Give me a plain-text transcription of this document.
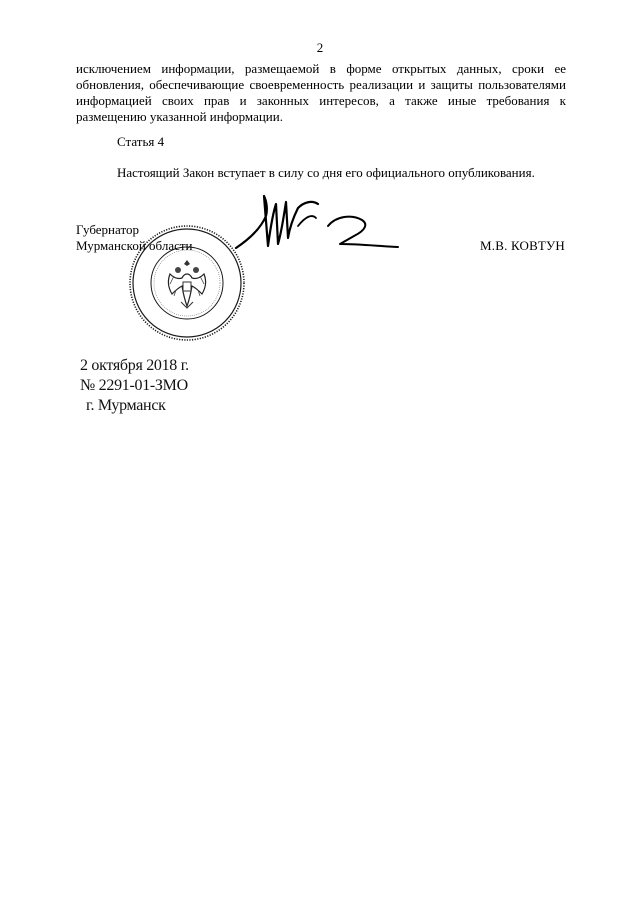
2

исключением информации, размещаемой в форме открытых данных, сроки ее обновления, обеспечивающие своевременность реализации и защиты пользователями информацией своих прав и законных интересов, а также иные требования к размещению указанной информации.

Статья 4
Настоящий Закон вступает в силу со дня его официального опубликования.
Губернатор
Мурманской области	М.В. КОВТУН
2 октября 2018 г.
№ 2291-01-ЗМО
г. Мурманск
